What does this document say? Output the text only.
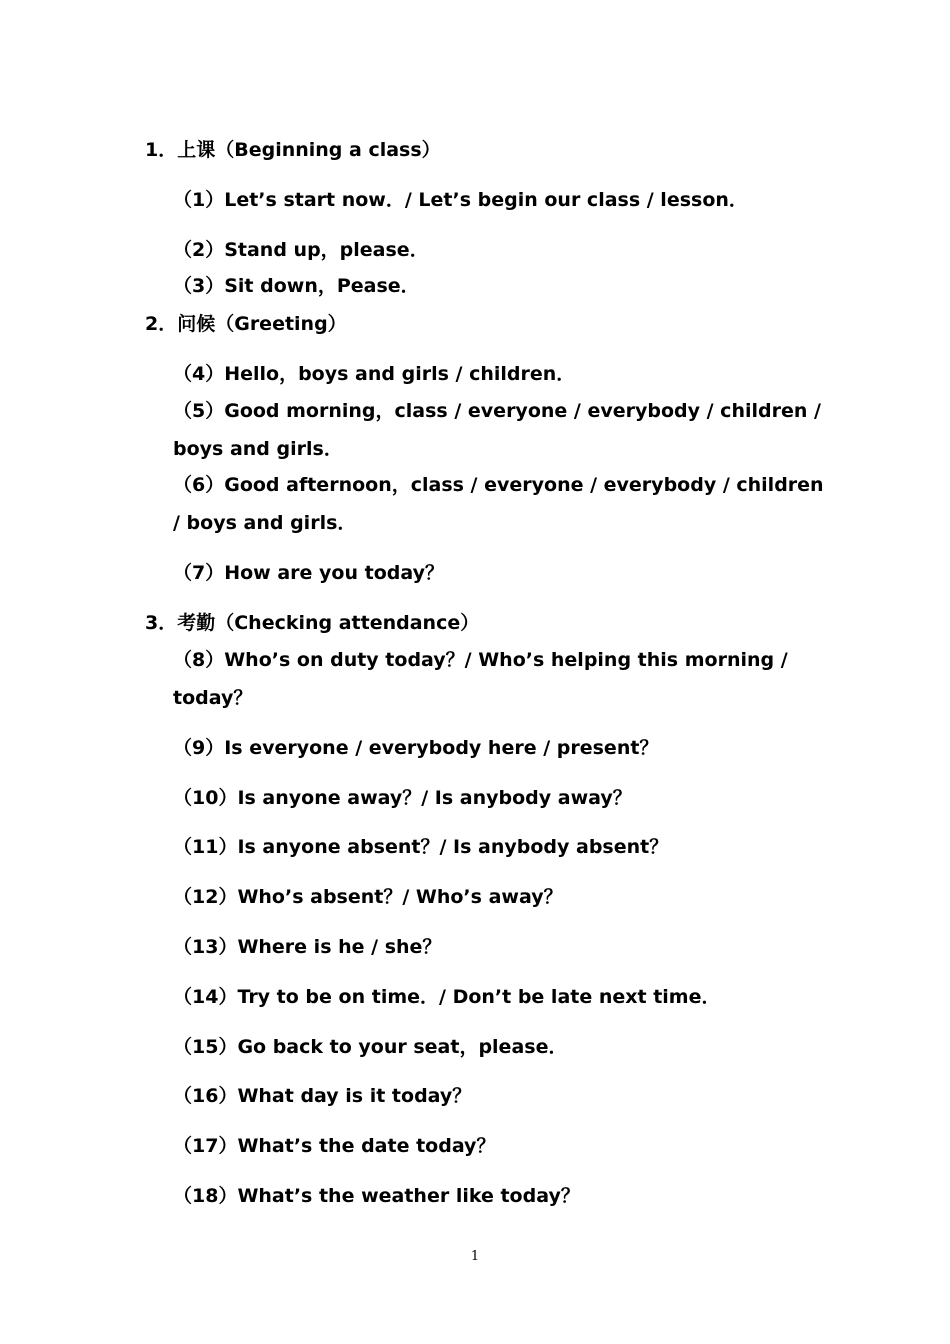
1．上课（Beginning a class）
（1）Let’s start now．/ Let’s begin our class / lesson．
（2）Stand up，please．
（3）Sit down，Pease．
2．问候（Greeting）
（4）Hello，boys and girls / children．
（5）Good morning，class / everyone / everybody / children /
boys and girls．
（6）Good afternoon，class / everyone / everybody / children
/ boys and girls．
（7）How are you today？
3．考勤（Checking attendance）
（8）Who’s on duty today？/ Who’s helping this morning /
today？
（9）Is everyone / everybody here / present？
（10）Is anyone away？/ Is anybody away？
（11）Is anyone absent？/ Is anybody absent？
（12）Who’s absent？/ Who’s away？
（13）Where is he / she？
（14）Try to be on time．/ Don’t be late next time．
（15）Go back to your seat，please．
（16）What day is it today？
（17）What’s the date today？
（18）What’s the weather like today？
1
